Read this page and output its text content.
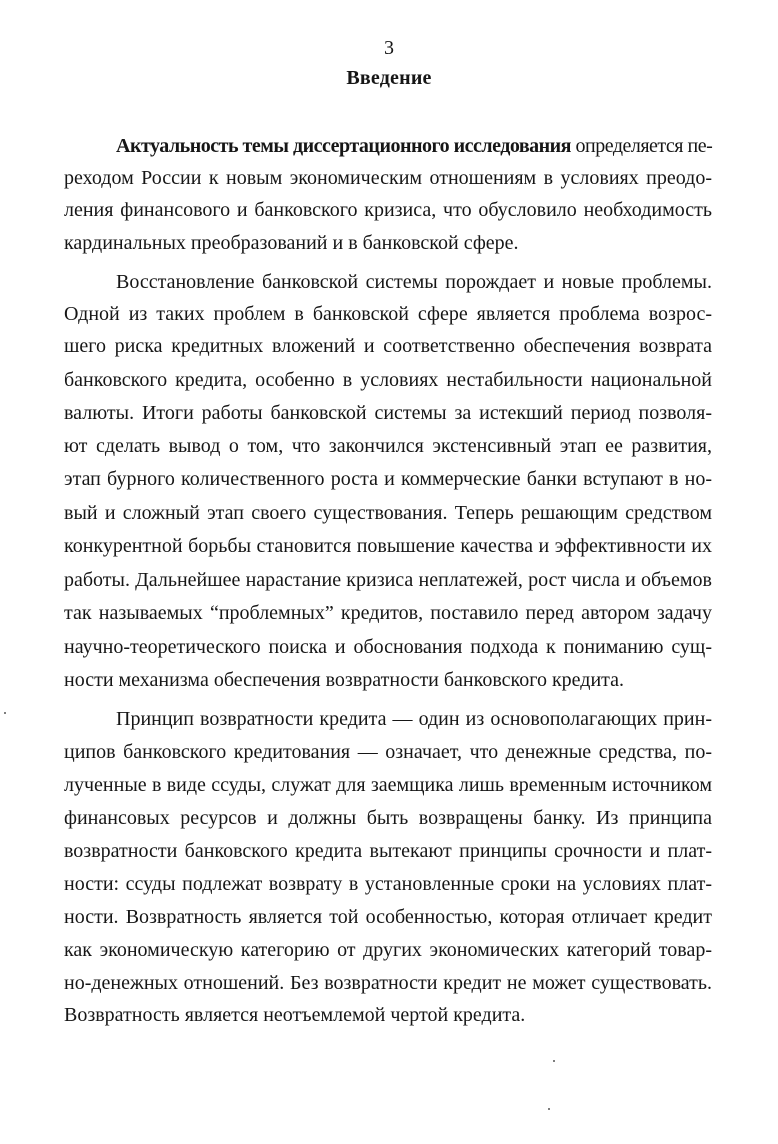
3
Введение
Актуальность темы диссертационного исследования определяется пе-
реходом России к новым экономическим отношениям в условиях преодо-
ления финансового и банковского кризиса, что обусловило необходимость
кардинальных преобразований и в банковской сфере.
Восстановление банковской системы порождает и новые проблемы.
Одной из таких проблем в банковской сфере является проблема возрос-
шего риска кредитных вложений и соответственно обеспечения возврата
банковского кредита, особенно в условиях нестабильности национальной
валюты. Итоги работы банковской системы за истекший период позволя-
ют сделать вывод о том, что закончился экстенсивный этап ее развития,
этап бурного количественного роста и коммерческие банки вступают в но-
вый и сложный этап своего существования. Теперь решающим средством
конкурентной борьбы становится повышение качества и эффективности их
работы. Дальнейшее нарастание кризиса неплатежей, рост числа и объемов
так называемых “проблемных” кредитов, поставило перед автором задачу
научно-теоретического поиска и обоснования подхода к пониманию сущ-
ности механизма обеспечения возвратности банковского кредита.
Принцип возвратности кредита — один из основополагающих прин-
ципов банковского кредитования — означает, что денежные средства, по-
лученные в виде ссуды, служат для заемщика лишь временным источником
финансовых ресурсов и должны быть возвращены банку. Из принципа
возвратности банковского кредита вытекают принципы срочности и плат-
ности: ссуды подлежат возврату в установленные сроки на условиях плат-
ности. Возвратность является той особенностью, которая отличает кредит
как экономическую категорию от других экономических категорий товар-
но-денежных отношений. Без возвратности кредит не может существовать.
Возвратность является неотъемлемой чертой кредита.
